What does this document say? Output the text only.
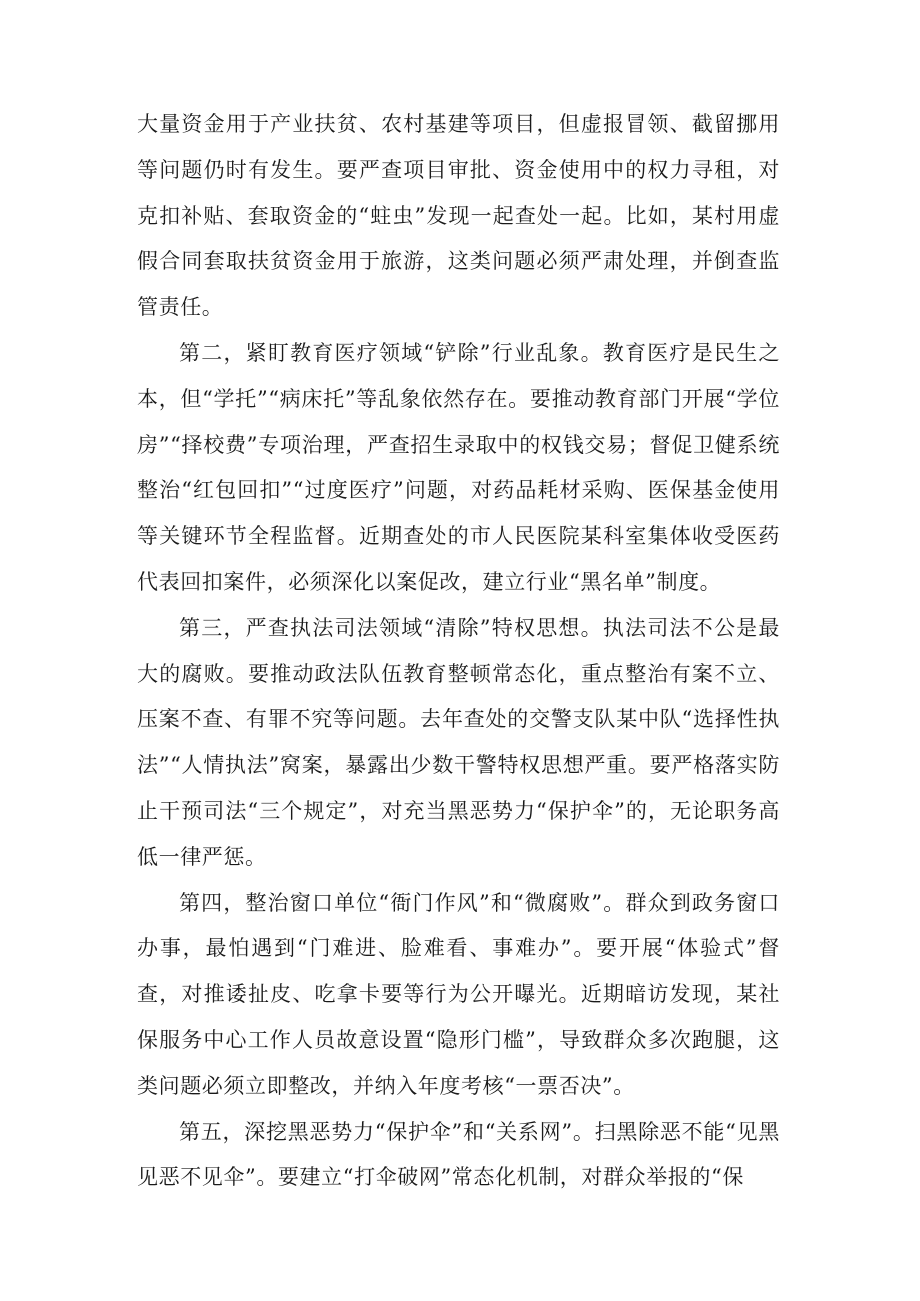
大量资金用于产业扶贫、农村基建等项目，但虚报冒领、截留挪用等问题仍时有发生。要严查项目审批、资金使用中的权力寻租，对克扣补贴、套取资金的“蛀虫”发现一起查处一起。比如，某村用虚假合同套取扶贫资金用于旅游，这类问题必须严肃处理，并倒查监管责任。

第二，紧盯教育医疗领域“铲除”行业乱象。教育医疗是民生之本，但“学托”“病床托”等乱象依然存在。要推动教育部门开展“学位房”“择校费”专项治理，严查招生录取中的权钱交易；督促卫健系统整治“红包回扣”“过度医疗”问题，对药品耗材采购、医保基金使用等关键环节全程监督。近期查处的市人民医院某科室集体收受医药代表回扣案件，必须深化以案促改，建立行业“黑名单”制度。

第三，严查执法司法领域“清除”特权思想。执法司法不公是最大的腐败。要推动政法队伍教育整顿常态化，重点整治有案不立、压案不查、有罪不究等问题。去年查处的交警支队某中队“选择性执法”“人情执法”窝案，暴露出少数干警特权思想严重。要严格落实防止干预司法“三个规定”，对充当黑恶势力“保护伞”的，无论职务高低一律严惩。

第四，整治窗口单位“衙门作风”和“微腐败”。群众到政务窗口办事，最怕遇到“门难进、脸难看、事难办”。要开展“体验式”督查，对推诿扯皮、吃拿卡要等行为公开曝光。近期暗访发现，某社保服务中心工作人员故意设置“隐形门槛”，导致群众多次跑腿，这类问题必须立即整改，并纳入年度考核“一票否决”。

第五，深挖黑恶势力“保护伞”和“关系网”。扫黑除恶不能“见黑见恶不见伞”。要建立“打伞破网”常态化机制，对群众举报的“保
